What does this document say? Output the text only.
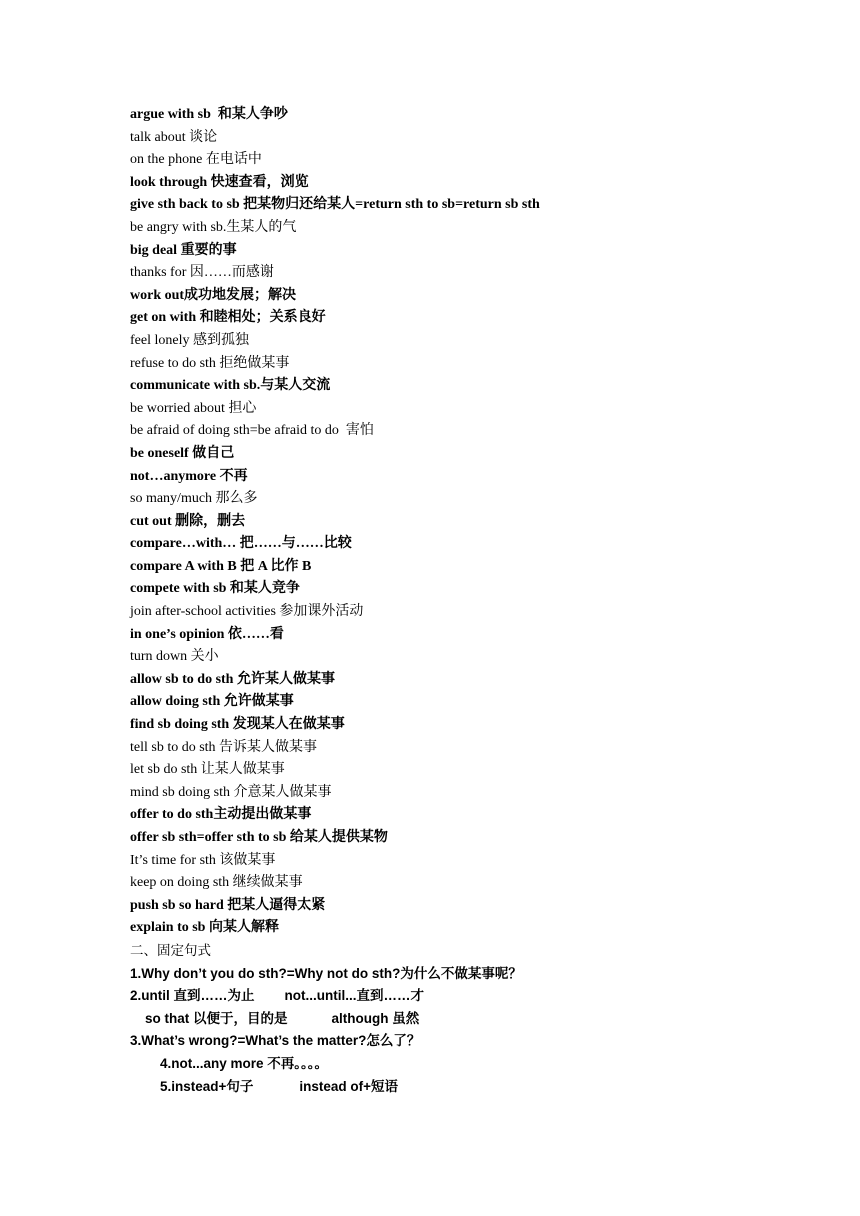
argue with sb  和某人争吵
talk about 谈论
on the phone 在电话中
look through 快速查看，浏览
give sth back to sb 把某物归还给某人=return sth to sb=return sb sth
be angry with sb.生某人的气
big deal 重要的事
thanks for 因……而感谢
work out成功地发展；解决
get on with 和睦相处；关系良好
feel lonely 感到孤独
refuse to do sth 拒绝做某事
communicate with sb.与某人交流
be worried about 担心
be afraid of doing sth=be afraid to do  害怕
be oneself 做自己
not…anymore 不再
so many/much 那么多
cut out 删除，删去
compare…with… 把……与……比较
compare A with B 把 A 比作 B
compete with sb 和某人竞争
join after-school activities 参加课外活动
in one’s opinion 依……看
turn down 关小
allow sb to do sth 允许某人做某事
allow doing sth 允许做某事
find sb doing sth 发现某人在做某事
tell sb to do sth 告诉某人做某事
let sb do sth 让某人做某事
mind sb doing sth 介意某人做某事
offer to do sth主动提出做某事
offer sb sth=offer sth to sb 给某人提供某物
It’s time for sth 该做某事
keep on doing sth 继续做某事
push sb so hard 把某人逼得太紧
explain to sb 向某人解释
二、固定句式
1.Why don’t you do sth?=Why not do sth?为什么不做某事呢？
2.until 直到……为止 not...until...直到……才
so that 以便于，目的是	although 虽然
3.What’s wrong?=What’s the matter?怎么了？
4.not...any more 不再。。。。
5.instead+句子	instead of+短语
